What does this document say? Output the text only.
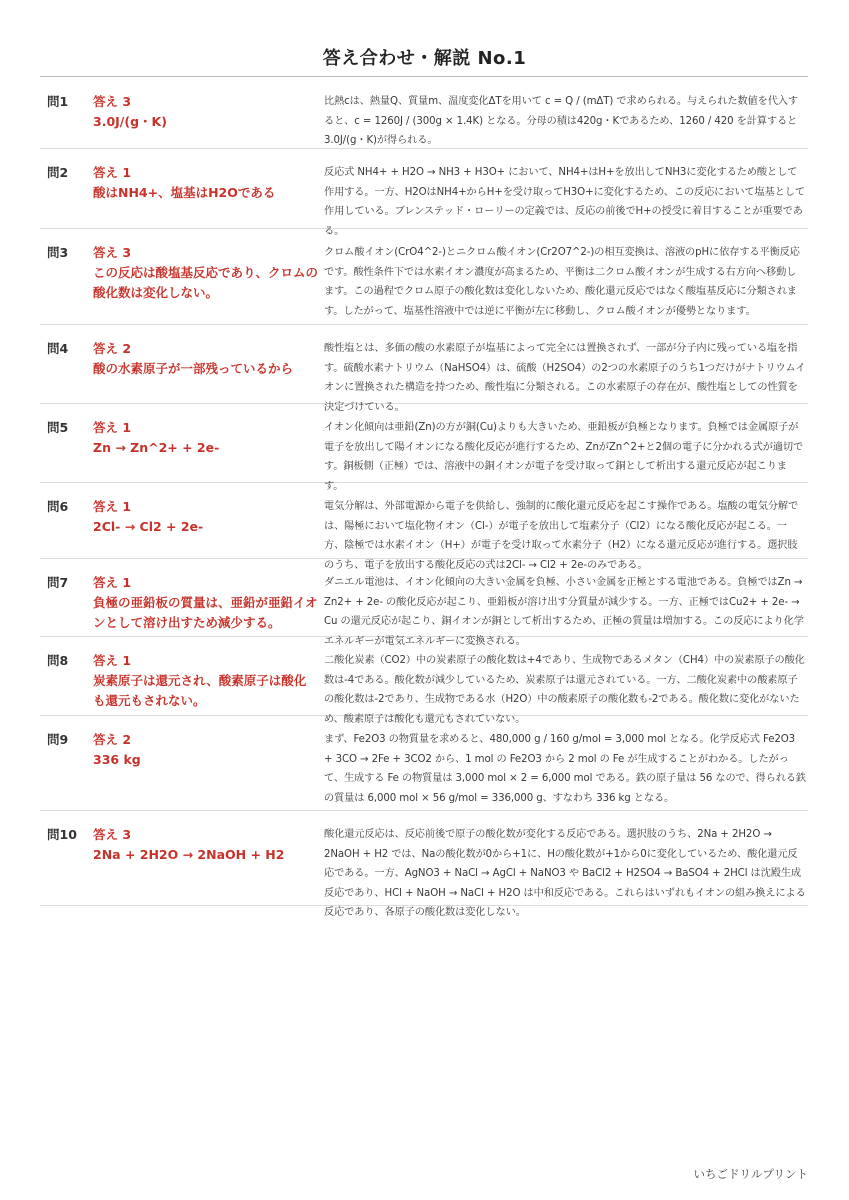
答え合わせ・解説 No.1
問1	答え 3
3.0J/(g・K)
比熱cは、熱量Q、質量m、温度変化ΔTを用いて c = Q / (mΔT) で求められる。与えられた数値を代入すると、c = 1260J / (300g × 1.4K) となる。分母の積は420g・Kであるため、1260 / 420 を計算すると3.0J/(g・K)が得られる。
問2	答え 1
酸はNH4+、塩基はH2Oである
反応式 NH4+ + H2O → NH3 + H3O+ において、NH4+はH+を放出してNH3に変化するため酸として作用する。一方、H2OはNH4+からH+を受け取ってH3O+に変化するため、この反応において塩基として作用している。ブレンステッド・ローリーの定義では、反応の前後でH+の授受に着目することが重要である。
問3	答え 3
この反応は酸塩基反応であり、クロムの酸化数は変化しない。
クロム酸イオン(CrO4^2-)とニクロム酸イオン(Cr2O7^2-)の相互変換は、溶液のpHに依存する平衡反応です。酸性条件下では水素イオン濃度が高まるため、平衡は二クロム酸イオンが生成する右方向へ移動します。この過程でクロム原子の酸化数は変化しないため、酸化還元反応ではなく酸塩基反応に分類されます。したがって、塩基性溶液中では逆に平衡が左に移動し、クロム酸イオンが優勢となります。
問4	答え 2
酸の水素原子が一部残っているから
酸性塩とは、多価の酸の水素原子が塩基によって完全には置換されず、一部が分子内に残っている塩を指す。硫酸水素ナトリウム（NaHSO4）は、硫酸（H2SO4）の2つの水素原子のうち1つだけがナトリウムイオンに置換された構造を持つため、酸性塩に分類される。この水素原子の存在が、酸性塩としての性質を決定づけている。
問5	答え 1
Zn → Zn^2+ + 2e-
イオン化傾向は亜鉛(Zn)の方が銅(Cu)よりも大きいため、亜鉛板が負極となります。負極では金属原子が電子を放出して陽イオンになる酸化反応が進行するため、ZnがZn^2+と2個の電子に分かれる式が適切です。銅板側（正極）では、溶液中の銅イオンが電子を受け取って銅として析出する還元反応が起こります。
問6	答え 1
2Cl- → Cl2 + 2e-
電気分解は、外部電源から電子を供給し、強制的に酸化還元反応を起こす操作である。塩酸の電気分解では、陽極において塩化物イオン（Cl-）が電子を放出して塩素分子（Cl2）になる酸化反応が起こる。一方、陰極では水素イオン（H+）が電子を受け取って水素分子（H2）になる還元反応が進行する。選択肢のうち、電子を放出する酸化反応の式は2Cl- → Cl2 + 2e-のみである。
問7	答え 1
負極の亜鉛板の質量は、亜鉛が亜鉛イオンとして溶け出すため減少する。
ダニエル電池は、イオン化傾向の大きい金属を負極、小さい金属を正極とする電池である。負極ではZn → Zn2+ + 2e- の酸化反応が起こり、亜鉛板が溶け出す分質量が減少する。一方、正極ではCu2+ + 2e- → Cu の還元反応が起こり、銅イオンが銅として析出するため、正極の質量は増加する。この反応により化学エネルギーが電気エネルギーに変換される。
問8	答え 1
炭素原子は還元され、酸素原子は酸化も還元もされない。
二酸化炭素（CO2）中の炭素原子の酸化数は+4であり、生成物であるメタン（CH4）中の炭素原子の酸化数は-4である。酸化数が減少しているため、炭素原子は還元されている。一方、二酸化炭素中の酸素原子の酸化数は-2であり、生成物である水（H2O）中の酸素原子の酸化数も-2である。酸化数に変化がないため、酸素原子は酸化も還元もされていない。
問9	答え 2
336 kg
まず、Fe2O3 の物質量を求めると、480,000 g / 160 g/mol = 3,000 mol となる。化学反応式 Fe2O3 + 3CO → 2Fe + 3CO2 から、1 mol の Fe2O3 から 2 mol の Fe が生成することがわかる。したがって、生成する Fe の物質量は 3,000 mol × 2 = 6,000 mol である。鉄の原子量は 56 なので、得られる鉄の質量は 6,000 mol × 56 g/mol = 336,000 g、すなわち 336 kg となる。
問10	答え 3
2Na + 2H2O → 2NaOH + H2
酸化還元反応は、反応前後で原子の酸化数が変化する反応である。選択肢のうち、2Na + 2H2O → 2NaOH + H2 では、Naの酸化数が0から+1に、Hの酸化数が+1から0に変化しているため、酸化還元反応である。一方、AgNO3 + NaCl → AgCl + NaNO3 や BaCl2 + H2SO4 → BaSO4 + 2HCl は沈殿生成反応であり、HCl + NaOH → NaCl + H2O は中和反応である。これらはいずれもイオンの組み換えによる反応であり、各原子の酸化数は変化しない。
いちごドリルプリント
